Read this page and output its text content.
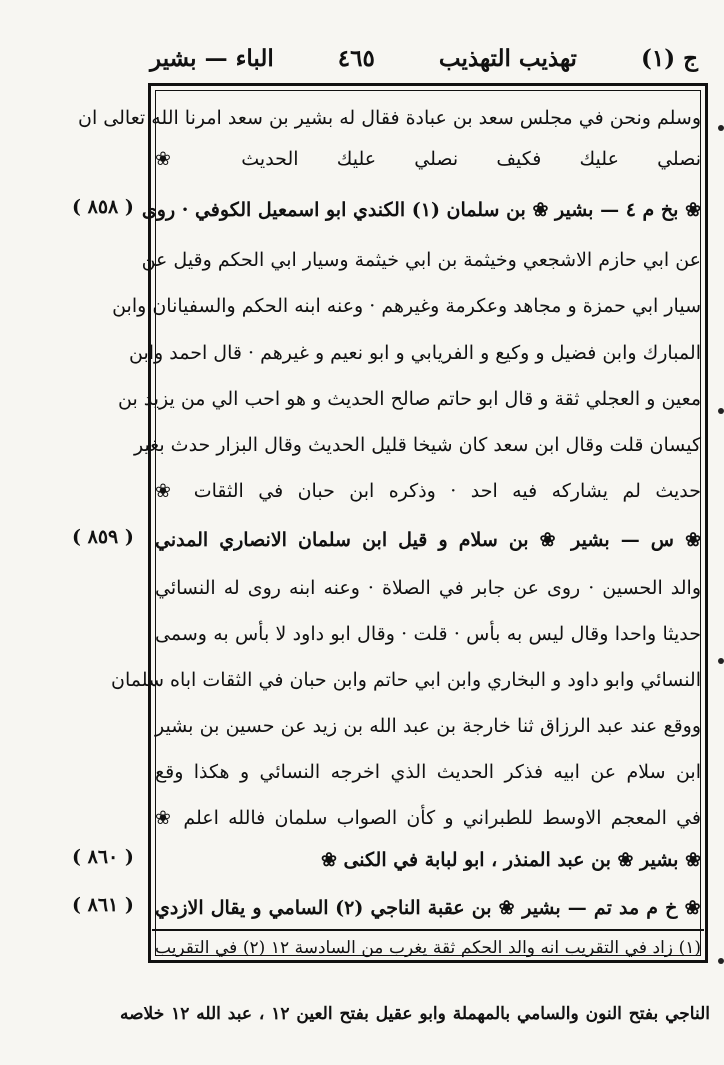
ج (١)
تهذيب التهذيب
٤٦٥
الباء — بشير
وسلم ونحن في مجلس سعد بن عبادة فقال له بشير بن سعد امرنا الله تعالى ان
نصلي عليك فكيف نصلي عليك الحديث ❀
❀ بخ م ٤ — بشير ❀ بن سلمان (١) الكندي ابو اسمعيل الكوفي · روى
عن ابي حازم الاشجعي وخيثمة بن ابي خيثمة وسيار ابي الحكم وقيل عن
سيار ابي حمزة و مجاهد وعكرمة وغيرهم · وعنه ابنه الحكم والسفيانان وابن
المبارك وابن فضيل و وكيع و الفريابي و ابو نعيم و غيرهم · قال احمد وابن
معين و العجلي ثقة و قال ابو حاتم صالح الحديث و هو احب الي من يزيد بن
كيسان قلت وقال ابن سعد كان شيخا قليل الحديث وقال البزار حدث بغير
حديث لم يشاركه فيه احد · وذكره ابن حبان في الثقات ❀
❀ س — بشير ❀ بن سلام و قيل ابن سلمان الانصاري المدني
والد الحسين · روى عن جابر في الصلاة · وعنه ابنه روى له النسائي
حديثا واحدا وقال ليس به بأس · قلت · وقال ابو داود لا بأس به وسمى
النسائي وابو داود و البخاري وابن ابي حاتم وابن حبان في الثقات اباه سلمان
ووقع عند عبد الرزاق ثنا خارجة بن عبد الله بن زيد عن حسين بن بشير
ابن سلام عن ابيه فذكر الحديث الذي اخرجه النسائي و هكذا وقع
في المعجم الاوسط للطبراني و كأن الصواب سلمان فالله اعلم ❀
❀ بشير ❀ بن عبد المنذر ، ابو لبابة في الكنى ❀
❀ خ م مد تم — بشير ❀ بن عقبة الناجي (٢) السامي و يقال الازدي
( ٨٥٨ )
( ٨٥٩ )
( ٨٦٠ )
( ٨٦١ )
(١) زاد في التقريب انه والد الحكم ثقة يغرب من السادسة ١٢ (٢) في التقريب
الناجي بفتح النون والسامي بالمهملة وابو عقيل بفتح العين ١٢ ، عبد الله ١٢ خلاصه
